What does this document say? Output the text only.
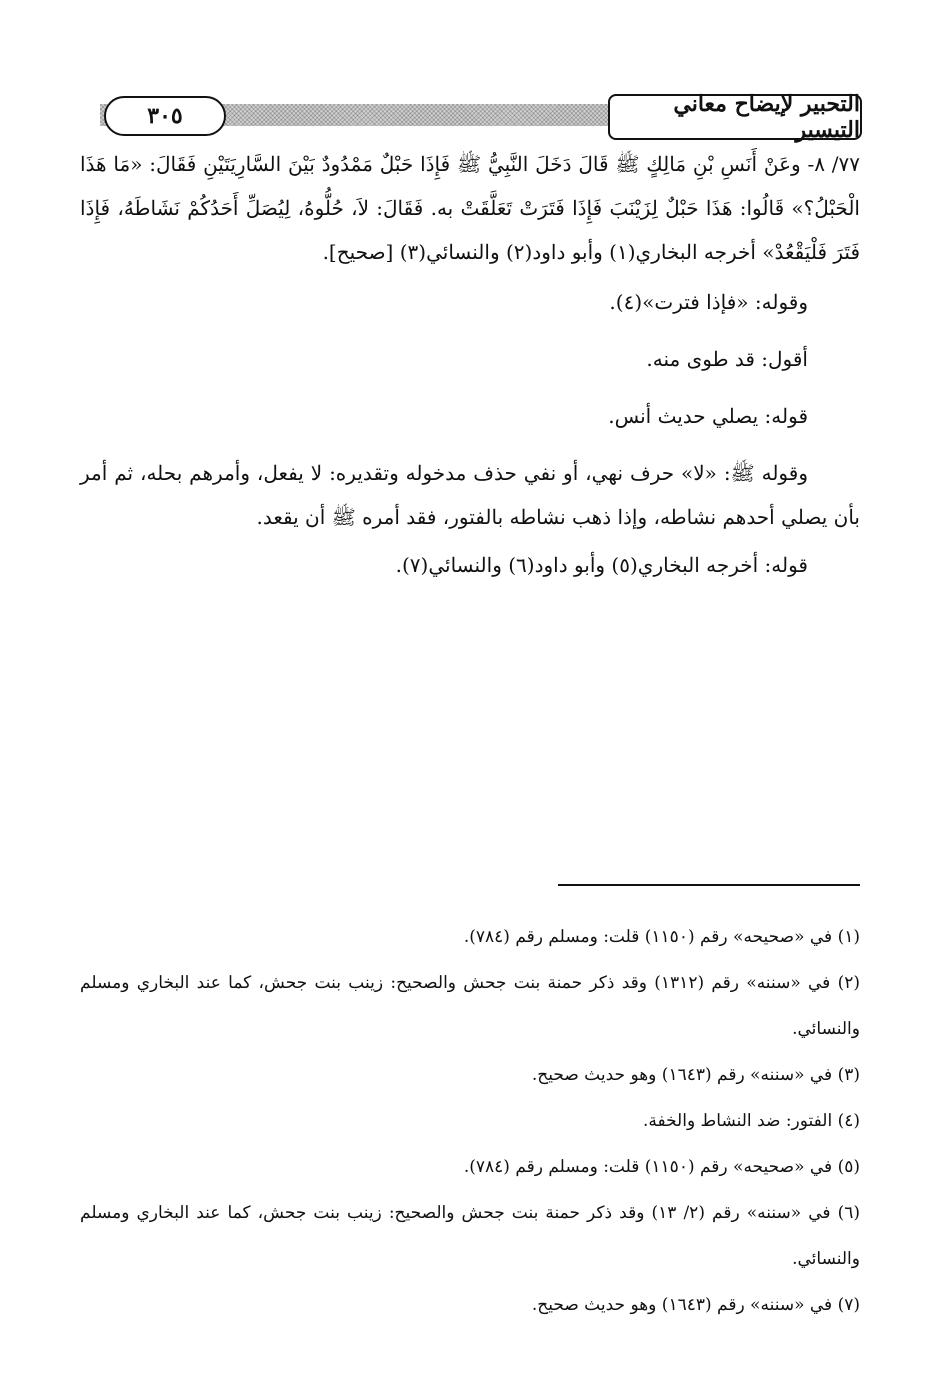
٣٠٥	التحبير لإيضاح معاني التيسير

٧٧/ ٨- وعَنْ أَنَسِ بْنِ مَالِكٍ ﷺ قَالَ دَخَلَ النَّبِيُّ ﷺ فَإِذَا حَبْلٌ مَمْدُودٌ بَيْنَ السَّارِيَتَيْنِ فَقَالَ: «مَا هَذَا الْحَبْلُ؟» قَالُوا: هَذَا حَبْلٌ لِزَيْنَبَ فَإِذَا فَتَرَتْ تَعَلَّقَتْ به. فَقَالَ: لاَ، حُلُّوهُ، لِيُصَلِّ أَحَدُكُمْ نَشَاطَهُ، فَإِذَا فَتَرَ فَلْيَقْعُدْ» أخرجه البخاري(١) وأبو داود(٢) والنسائي(٣) [صحيح].

وقوله: «فإذا فترت»(٤).

أقول: قد طوى منه.

قوله: يصلي حديث أنس.

وقوله ﷺ: «لا» حرف نهي، أو نفي حذف مدخوله وتقديره: لا يفعل، وأمرهم بحله، ثم أمر بأن يصلي أحدهم نشاطه، وإذا ذهب نشاطه بالفتور، فقد أمره ﷺ أن يقعد.

قوله: أخرجه البخاري(٥) وأبو داود(٦) والنسائي(٧).

(١) في «صحيحه» رقم (١١٥٠) قلت: ومسلم رقم (٧٨٤).

(٢) في «سننه» رقم (١٣١٢) وقد ذكر حمنة بنت جحش والصحيح: زينب بنت جحش، كما عند البخاري ومسلم والنسائي.

(٣) في «سننه» رقم (١٦٤٣) وهو حديث صحيح.

(٤) الفتور: ضد النشاط والخفة.

(٥) في «صحيحه» رقم (١١٥٠) قلت: ومسلم رقم (٧٨٤).

(٦) في «سننه» رقم (٢/ ١٣) وقد ذكر حمنة بنت جحش والصحيح: زينب بنت جحش، كما عند البخاري ومسلم والنسائي.

(٧) في «سننه» رقم (١٦٤٣) وهو حديث صحيح.
